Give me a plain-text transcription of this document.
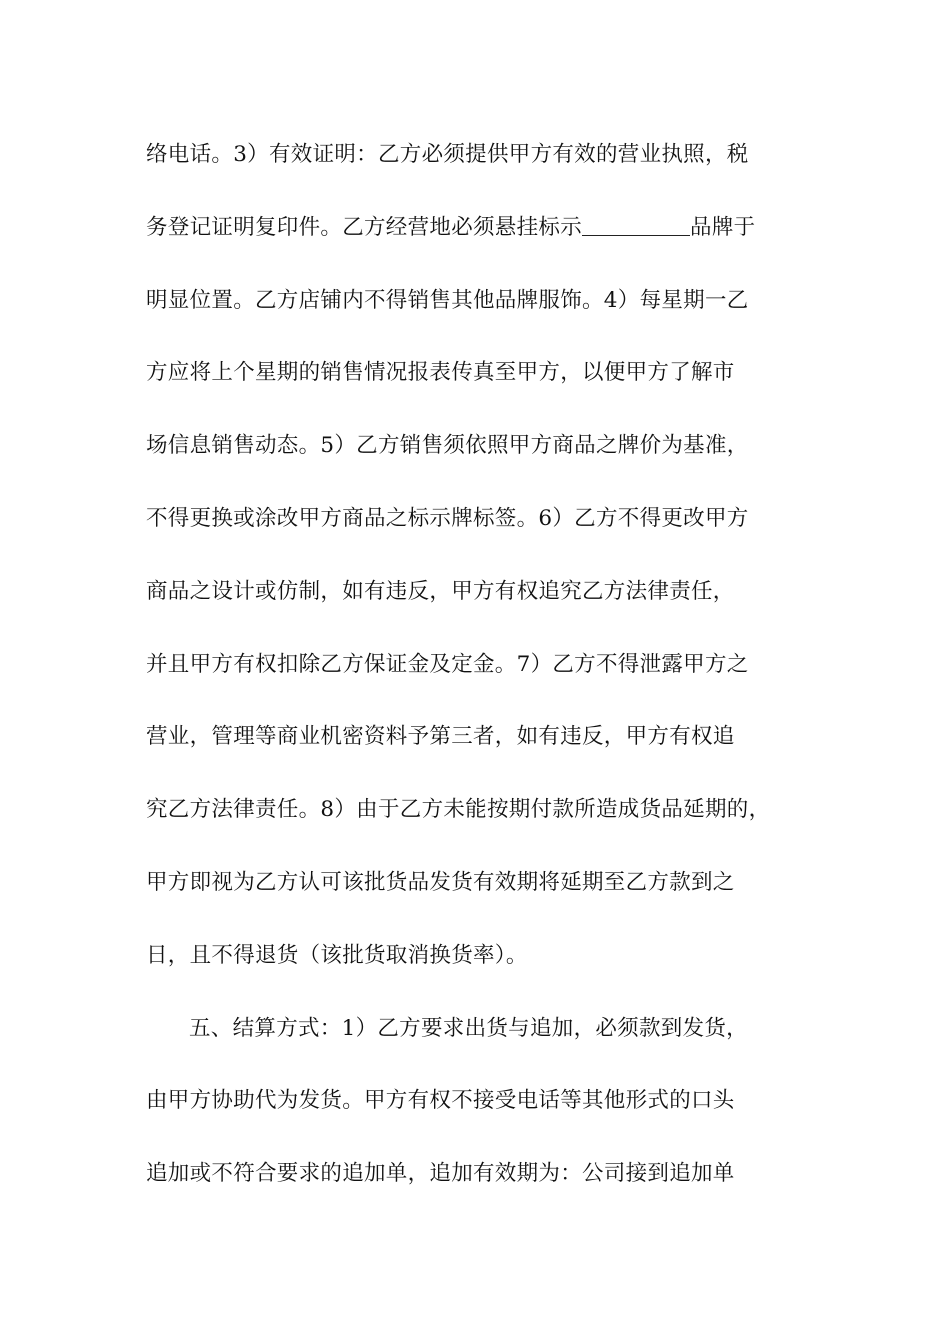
络电话。3）有效证明：乙方必须提供甲方有效的营业执照，税
务登记证明复印件。乙方经营地必须悬挂标示	品牌于
明显位置。乙方店铺内不得销售其他品牌服饰。4）每星期一乙
方应将上个星期的销售情况报表传真至甲方，以便甲方了解市
场信息销售动态。5）乙方销售须依照甲方商品之牌价为基准，
不得更换或涂改甲方商品之标示牌标签。6）乙方不得更改甲方
商品之设计或仿制，如有违反，甲方有权追究乙方法律责任，
并且甲方有权扣除乙方保证金及定金。7）乙方不得泄露甲方之
营业，管理等商业机密资料予第三者，如有违反，甲方有权追
究乙方法律责任。8）由于乙方未能按期付款所造成货品延期的，
甲方即视为乙方认可该批货品发货有效期将延期至乙方款到之
日，且不得退货（该批货取消换货率）。
五、结算方式：1）乙方要求出货与追加，必须款到发货，
由甲方协助代为发货。甲方有权不接受电话等其他形式的口头
追加或不符合要求的追加单，追加有效期为：公司接到追加单
